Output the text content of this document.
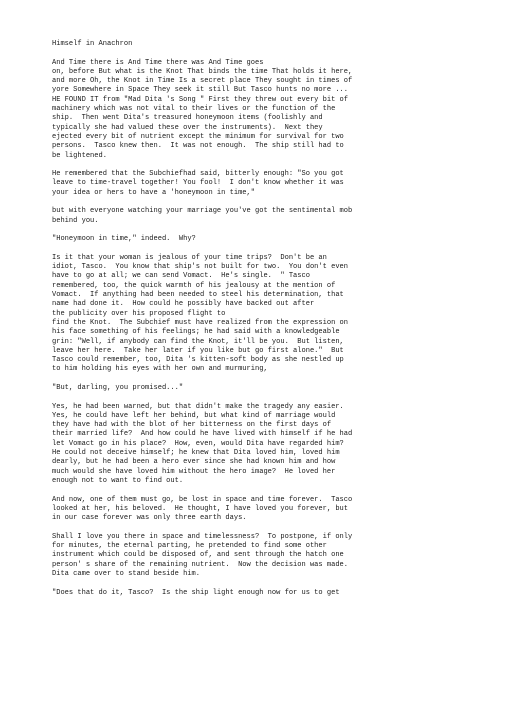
Himself in Anachron
And Time there is And Time there was And Time goes
on, before But what is the Knot That binds the time That holds it here,
and more Oh, the Knot in Time Is a secret place They sought in times of
yore Somewhere in Space They seek it still But Tasco hunts no more ...
HE FOUND IT from "Mad Dita 's Song " First they threw out every bit of
machinery which was not vital to their lives or the function of the
ship.  Then went Dita's treasured honeymoon items (foolishly and
typically she had valued these over the instruments).  Next they
ejected every bit of nutrient except the minimum for survival for two
persons.  Tasco knew then.  It was not enough.  The ship still had to
be lightened.
He remembered that the Subchiefhad said, bitterly enough: "So you got
leave to time-travel together! You fool!  I don't know whether it was
your idea or hers to have a 'honeymoon in time,"
but with everyone watching your marriage you've got the sentimental mob
behind you.
"Honeymoon in time," indeed.  Why?
Is it that your woman is jealous of your time trips?  Don't be an
idiot, Tasco.  You know that ship's not built for two.  You don't even
have to go at all; we can send Vomact.  He's single.  " Tasco
remembered, too, the quick warmth of his jealousy at the mention of
Vomact.  If anything had been needed to steel his determination, that
name had done it.  How could he possibly have backed out after
the publicity over his proposed flight to
find the Knot.  The Subchief must have realized from the expression on
his face something of his feelings; he had said with a knowledgeable
grin: "Well, if anybody can find the Knot, it'll be you.  But listen,
leave her here.  Take her later if you like but go first alone."  But
Tasco could remember, too, Dita 's kitten-soft body as she nestled up
to him holding his eyes with her own and murmuring,
"But, darling, you promised..."
Yes, he had been warned, but that didn't make the tragedy any easier.
Yes, he could have left her behind, but what kind of marriage would
they have had with the blot of her bitterness on the first days of
their married life?  And how could he have lived with himself if he had
let Vomact go in his place?  How, even, would Dita have regarded him?
He could not deceive himself; he knew that Dita loved him, loved him
dearly, but he had been a hero ever since she had known him and how
much would she have loved him without the hero image?  He loved her
enough not to want to find out.
And now, one of them must go, be lost in space and time forever.  Tasco
looked at her, his beloved.  He thought, I have loved you forever, but
in our case forever was only three earth days.
Shall I love you there in space and timelessness?  To postpone, if only
for minutes, the eternal parting, he pretended to find some other
instrument which could be disposed of, and sent through the hatch one
person' s share of the remaining nutrient.  Now the decision was made.
Dita came over to stand beside him.
"Does that do it, Tasco?  Is the ship light enough now for us to get
